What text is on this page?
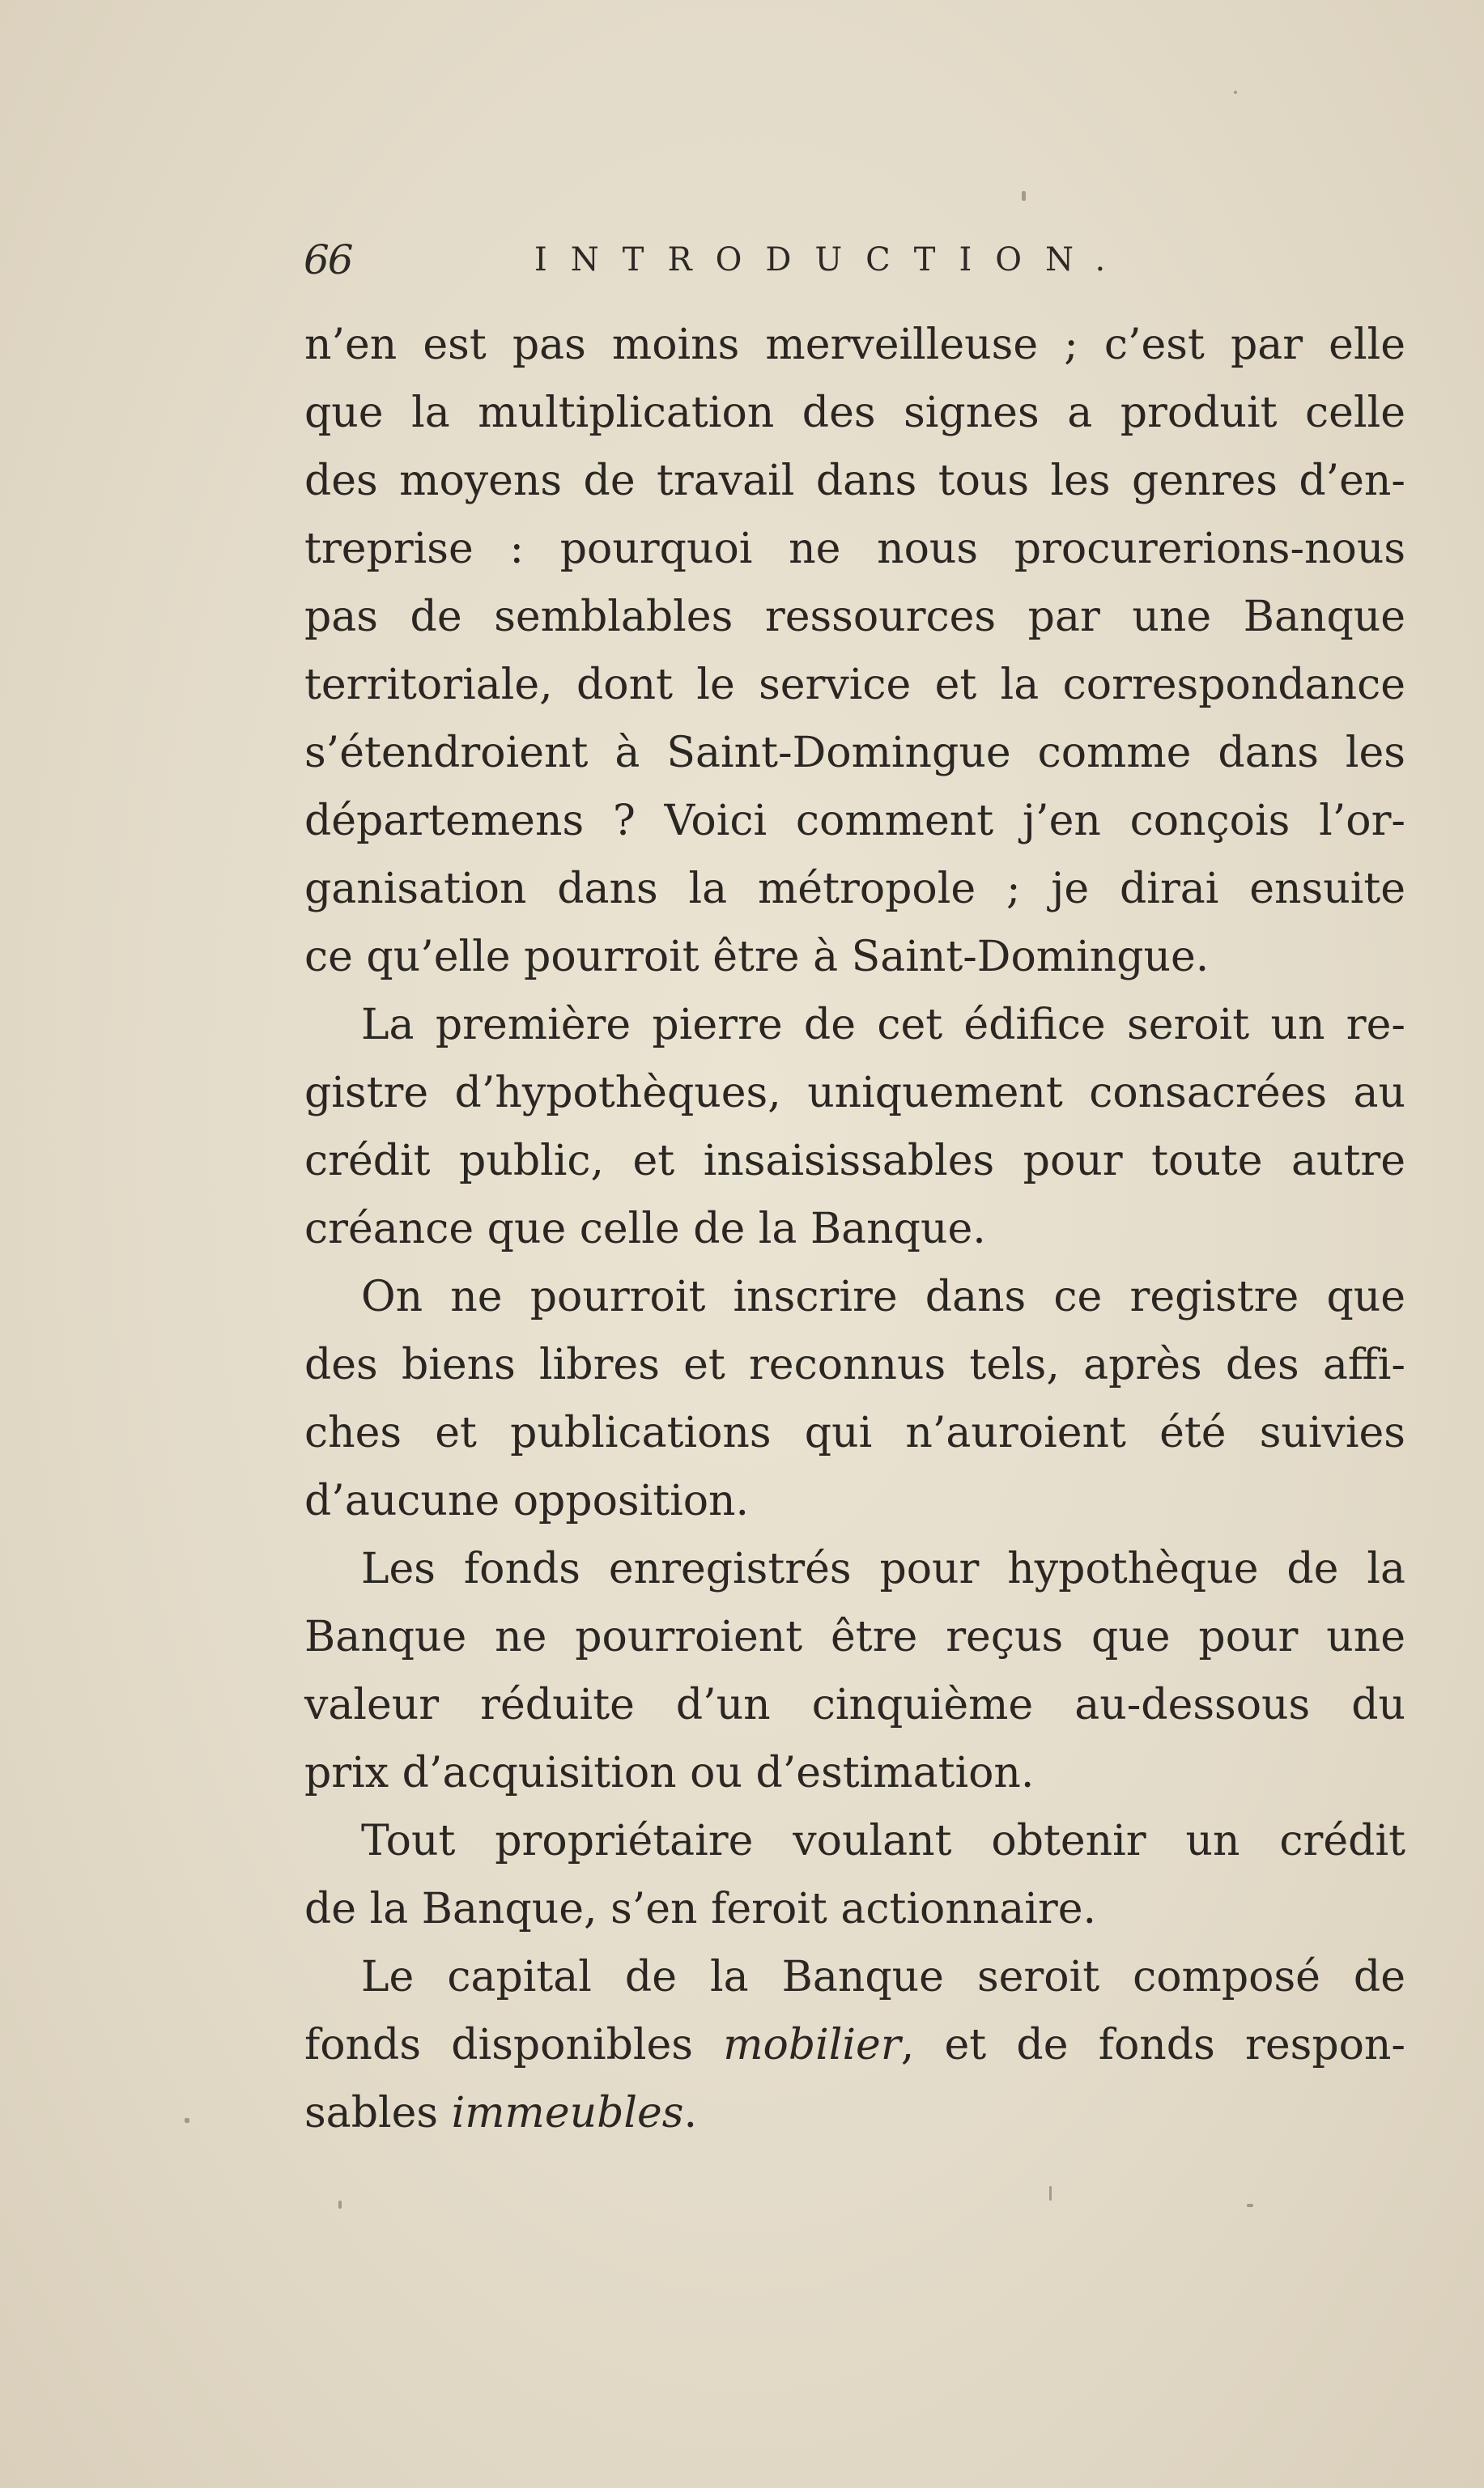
66	INTRODUCTION.
n’en est pas moins merveilleuse ; c’est par elle
que la multiplication des signes a produit celle
des moyens de travail dans tous les genres d’en-
treprise : pourquoi ne nous procurerions-nous
pas de semblables ressources par une Banque
territoriale, dont le service et la correspondance
s’étendroient à Saint-Domingue comme dans les
départemens ? Voici comment j’en conçois l’or-
ganisation dans la métropole ; je dirai ensuite
ce qu’elle pourroit être à Saint-Domingue.
La première pierre de cet édifice seroit un re-
gistre d’hypothèques, uniquement consacrées au
crédit public, et insaisissables pour toute autre
créance que celle de la Banque.
On ne pourroit inscrire dans ce registre que
des biens libres et reconnus tels, après des affi-
ches et publications qui n’auroient été suivies
d’aucune opposition.
Les fonds enregistrés pour hypothèque de la
Banque ne pourroient être reçus que pour une
valeur réduite d’un cinquième au-dessous du
prix d’acquisition ou d’estimation.
Tout propriétaire voulant obtenir un crédit
de la Banque, s’en feroit actionnaire.
Le capital de la Banque seroit composé de
fonds disponibles mobilier, et de fonds respon-
sables immeubles.
